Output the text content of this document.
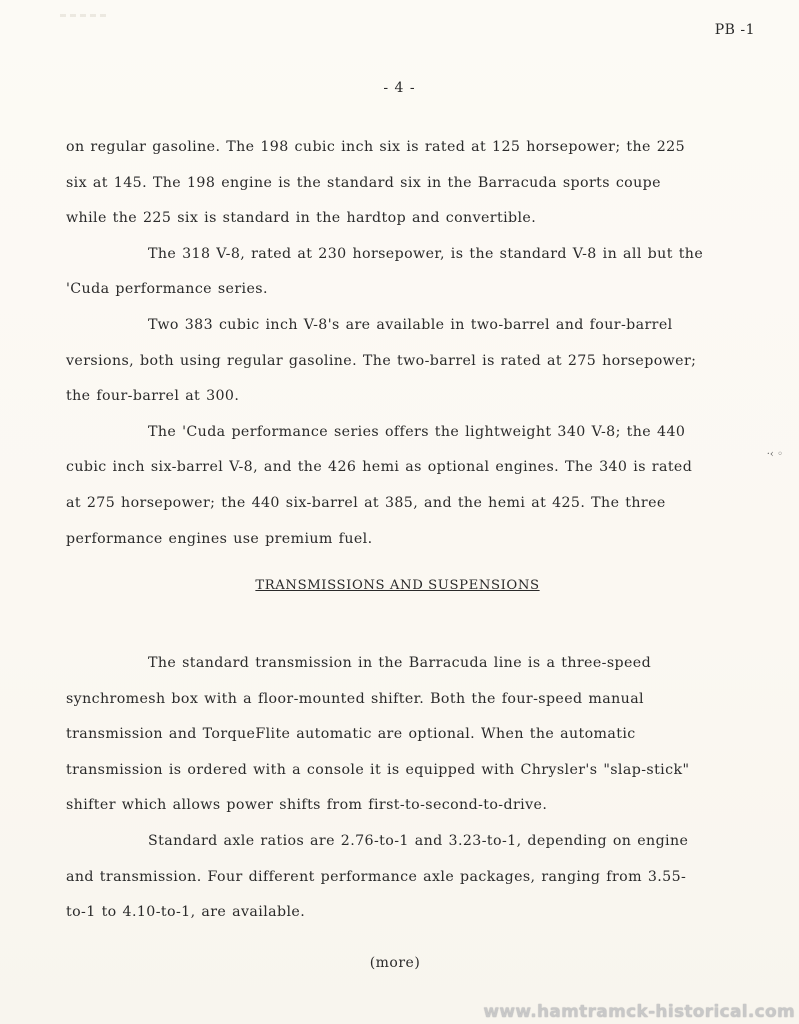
PB -1
- 4 -

on regular gasoline. The 198 cubic inch six is rated at 125 horsepower; the 225 six at 145. The 198 engine is the standard six in the Barracuda sports coupe while the 225 six is standard in the hardtop and convertible.

The 318 V-8, rated at 230 horsepower, is the standard V-8 in all but the 'Cuda performance series.

Two 383 cubic inch V-8's are available in two-barrel and four-barrel versions, both using regular gasoline. The two-barrel is rated at 275 horsepower; the four-barrel at 300.

The 'Cuda performance series offers the lightweight 340 V-8; the 440 cubic inch six-barrel V-8, and the 426 hemi as optional engines. The 340 is rated at 275 horsepower; the 440 six-barrel at 385, and the hemi at 425. The three performance engines use premium fuel.

·‹ ◦
TRANSMISSIONS AND SUSPENSIONS

The standard transmission in the Barracuda line is a three-speed synchromesh box with a floor-mounted shifter. Both the four-speed manual transmission and TorqueFlite automatic are optional. When the automatic transmission is ordered with a console it is equipped with Chrysler's "slap-stick" shifter which allows power shifts from first-to-second-to-drive.

Standard axle ratios are 2.76-to-1 and 3.23-to-1, depending on engine and transmission. Four different performance axle packages, ranging from 3.55-to-1 to 4.10-to-1, are available.

(more)
www.hamtramck-historical.com
